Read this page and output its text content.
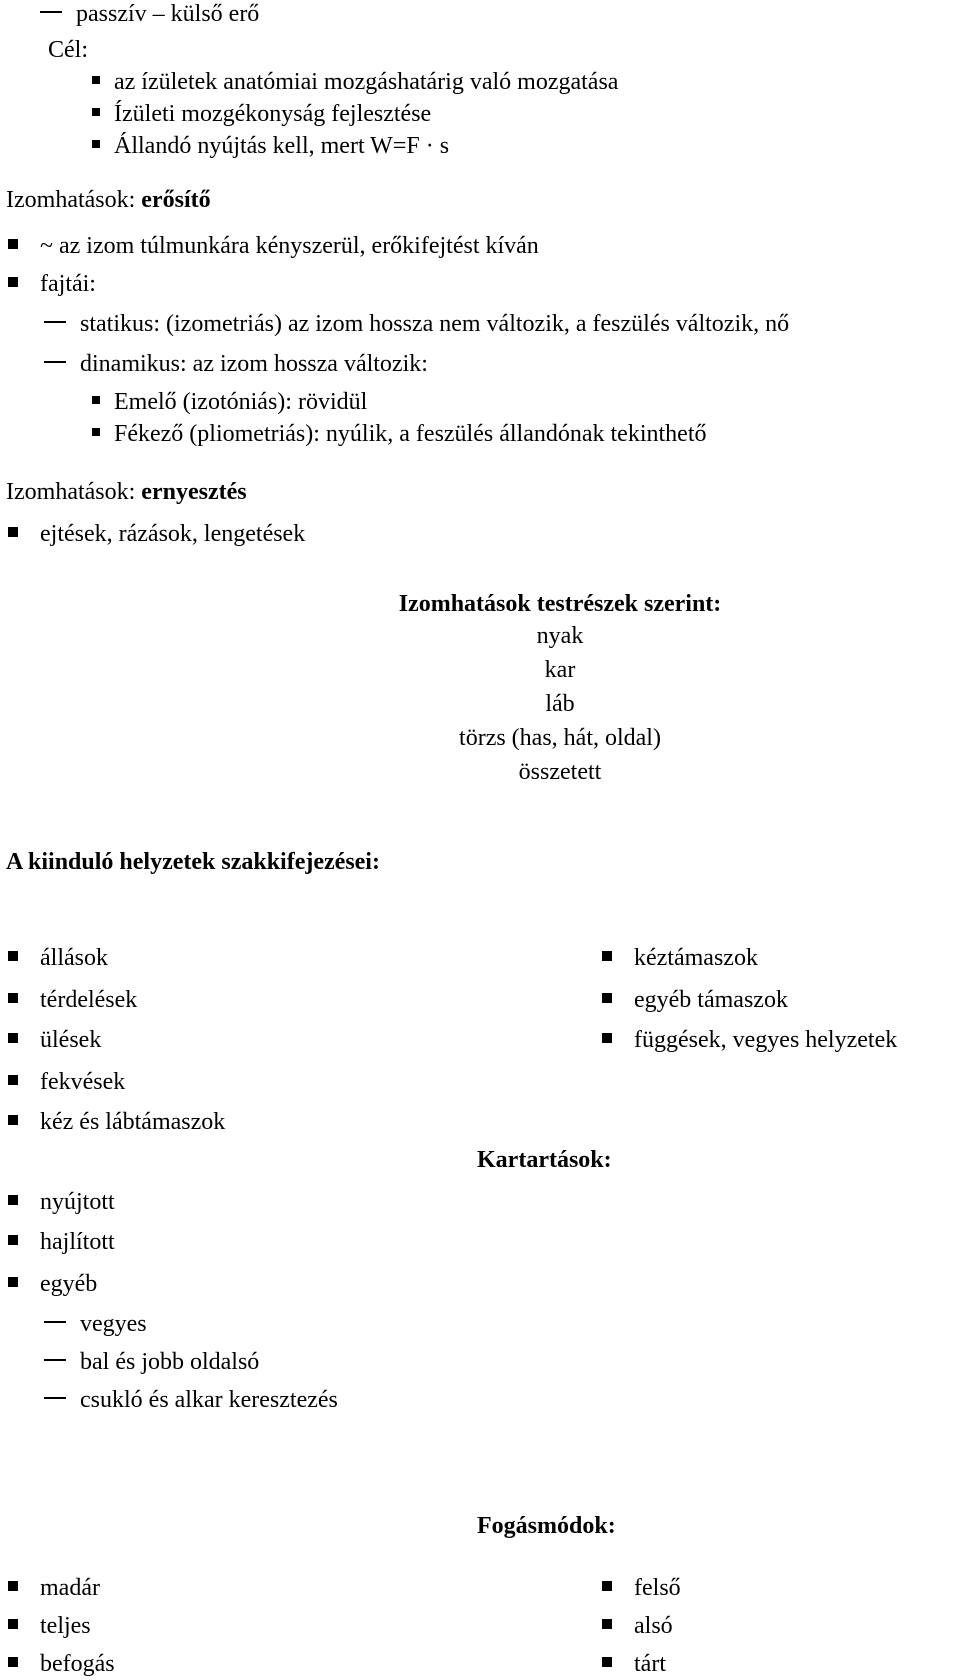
passzív – külső erő
Cél:
az ízületek anatómiai mozgáshatárig való mozgatása
Ízületi mozgékonyság fejlesztése
Állandó nyújtás kell, mert W=F · s
Izomhatások: erősítő
~ az izom túlmunkára kényszerül, erőkifejtést kíván
fajtái:
statikus: (izometriás) az izom hossza nem változik, a feszülés változik, nő
dinamikus: az izom hossza változik:
Emelő (izotóniás): rövidül
Fékező (pliometriás): nyúlik, a feszülés állandónak tekinthető
Izomhatások: ernyesztés
ejtések, rázások, lengetések
Izomhatások testrészek szerint:
nyak
kar
láb
törzs (has, hát, oldal)
összetett
A kiinduló helyzetek szakkifejezései:
állások
térdelések
ülések
fekvések
kéz és lábtámaszok
kéztámaszok
egyéb támaszok
függések, vegyes helyzetek
Kartartások:
nyújtott
hajlított
egyéb
vegyes
bal és jobb oldalsó
csukló és alkar keresztezés
Fogásmódok:
madár
teljes
befogás
felső
alsó
tárt
